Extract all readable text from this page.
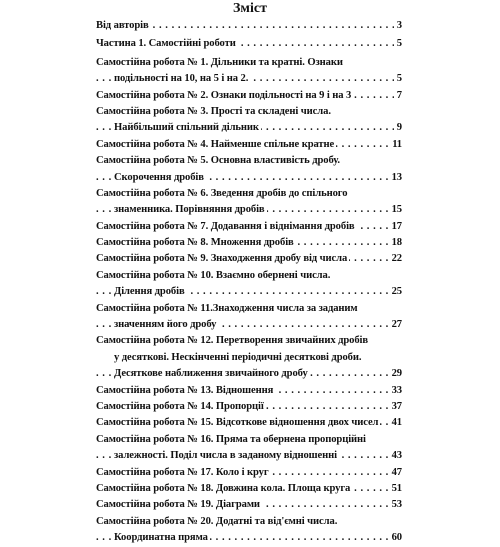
Зміст
Від авторів	3
. . .
Частина 1. Самостійні роботи	5
. . .
Самостійна робота № 1. Дільники та кратні. Ознаки
подільності на 10, на 5 і на 2.	5
. . .
Самостійна робота № 2. Ознаки подільності на 9 і на 3	7
. . .
Самостійна робота № 3. Прості та складені числа.
Найбільший спільний дільник	9
. . .
Самостійна робота № 4. Найменше спільне кратне	11
. . .
Самостійна робота № 5. Основна властивість дробу.
Скорочення дробів	13
. . .
Самостійна робота № 6. Зведення дробів до спільного
знаменника. Порівняння дробів	15
. . .
Самостійна робота № 7. Додавання і віднімання дробів	17
. . .
Самостійна робота № 8. Множення дробів	18
. . .
Самостійна робота № 9. Знаходження дробу від числа	22
. . .
Самостійна робота № 10. Взаємно обернені числа.
Ділення дробів	25
. . .
Самостійна робота № 11.Знаходження числа за заданим
значенням його дробу	27
. . .
Самостійна робота № 12. Перетворення звичайних дробів
у десяткові. Нескінченні періодичні десяткові дроби.
Десяткове наближення звичайного дробу	29
. . .
Самостійна робота № 13. Відношення	33
. . .
Самостійна робота № 14. Пропорції	37
. . .
Самостійна робота № 15. Відсоткове відношення двох чисел 41
. . .
Самостійна робота № 16. Пряма та обернена пропорційні
залежності. Поділ числа в заданому відношенні	43
. . .
Самостійна робота № 17. Коло і круг	47
. . .
Самостійна робота № 18. Довжина кола. Площа круга	51
. . .
Самостійна робота № 19. Діаграми	53
. . .
Самостійна робота № 20. Додатні та від'ємні числа.
Координатна пряма	60
. . .
